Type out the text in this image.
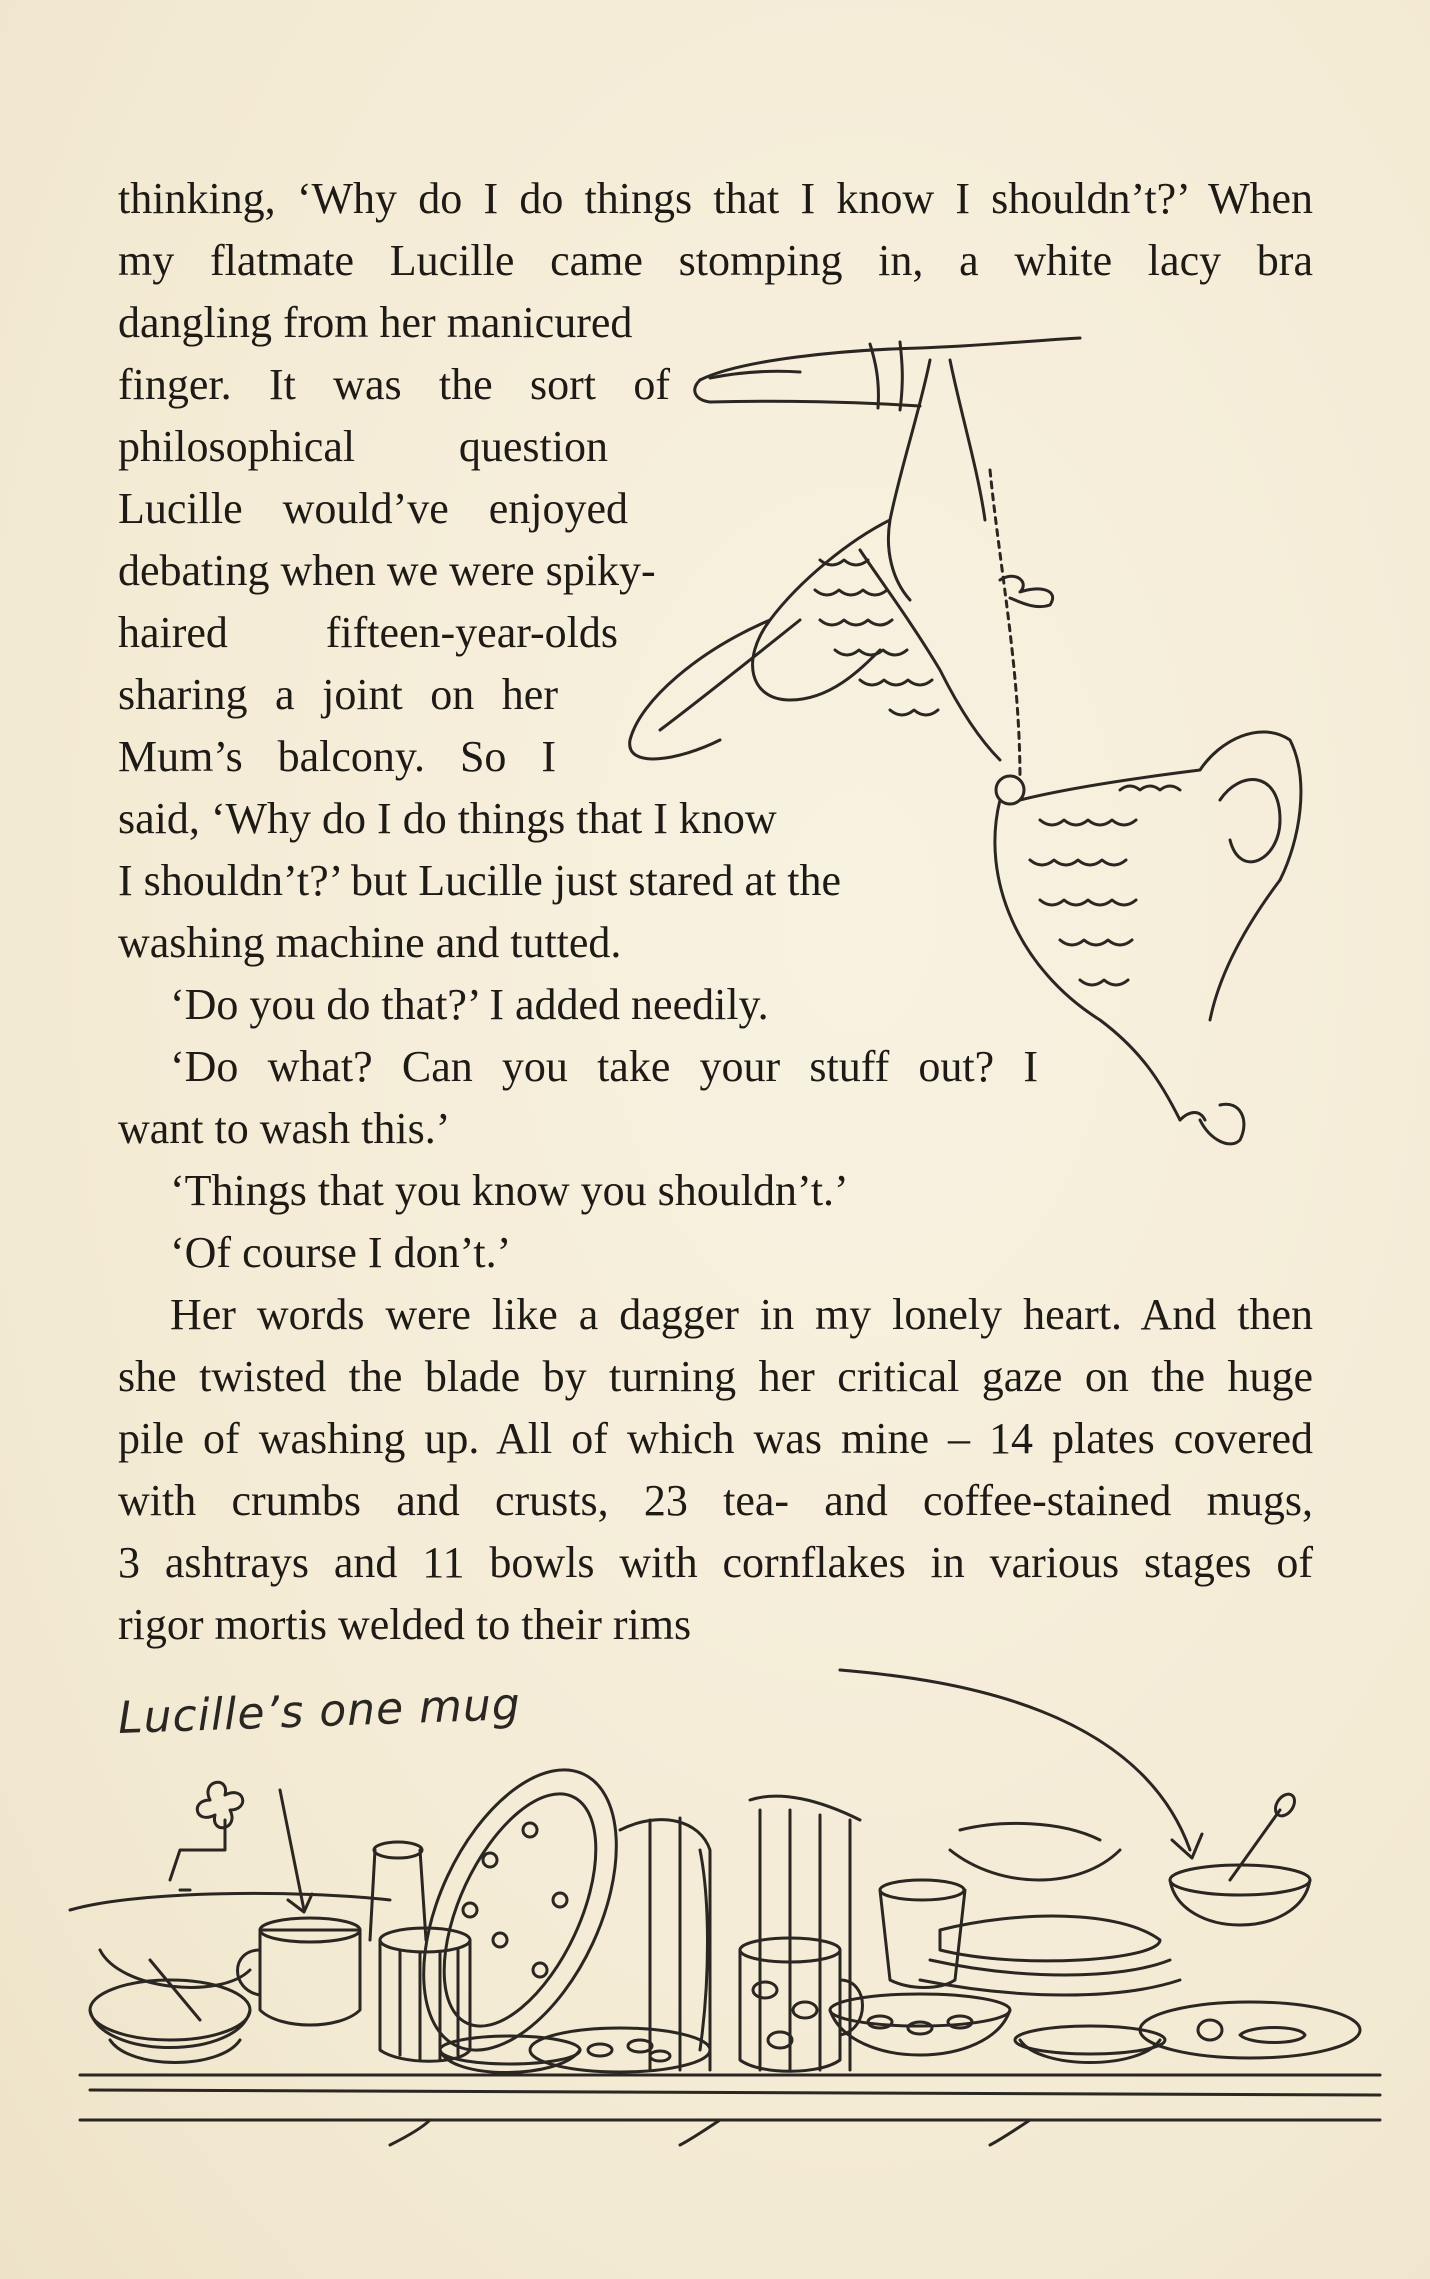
thinking, ‘Why do I do things that I know I shouldn’t?’ When
my flatmate Lucille came stomping in, a white lacy bra
dangling from her manicured
finger. It was the sort of
philosophical question
Lucille would’ve enjoyed
debating when we were spiky-
haired fifteen-year-olds
sharing a joint on her
Mum’s balcony. So I
said, ‘Why do I do things that I know
I shouldn’t?’ but Lucille just stared at the
washing machine and tutted.
‘Do you do that?’ I added needily.
‘Do what? Can you take your stuff out? I
want to wash this.’
‘Things that you know you shouldn’t.’
‘Of course I don’t.’
Her words were like a dagger in my lonely heart. And then
she twisted the blade by turning her critical gaze on the huge
pile of washing up. All of which was mine – 14 plates covered
with crumbs and crusts, 23 tea- and coffee-stained mugs,
3 ashtrays and 11 bowls with cornflakes in various stages of
rigor mortis welded to their rims
Lucille’s one mug
